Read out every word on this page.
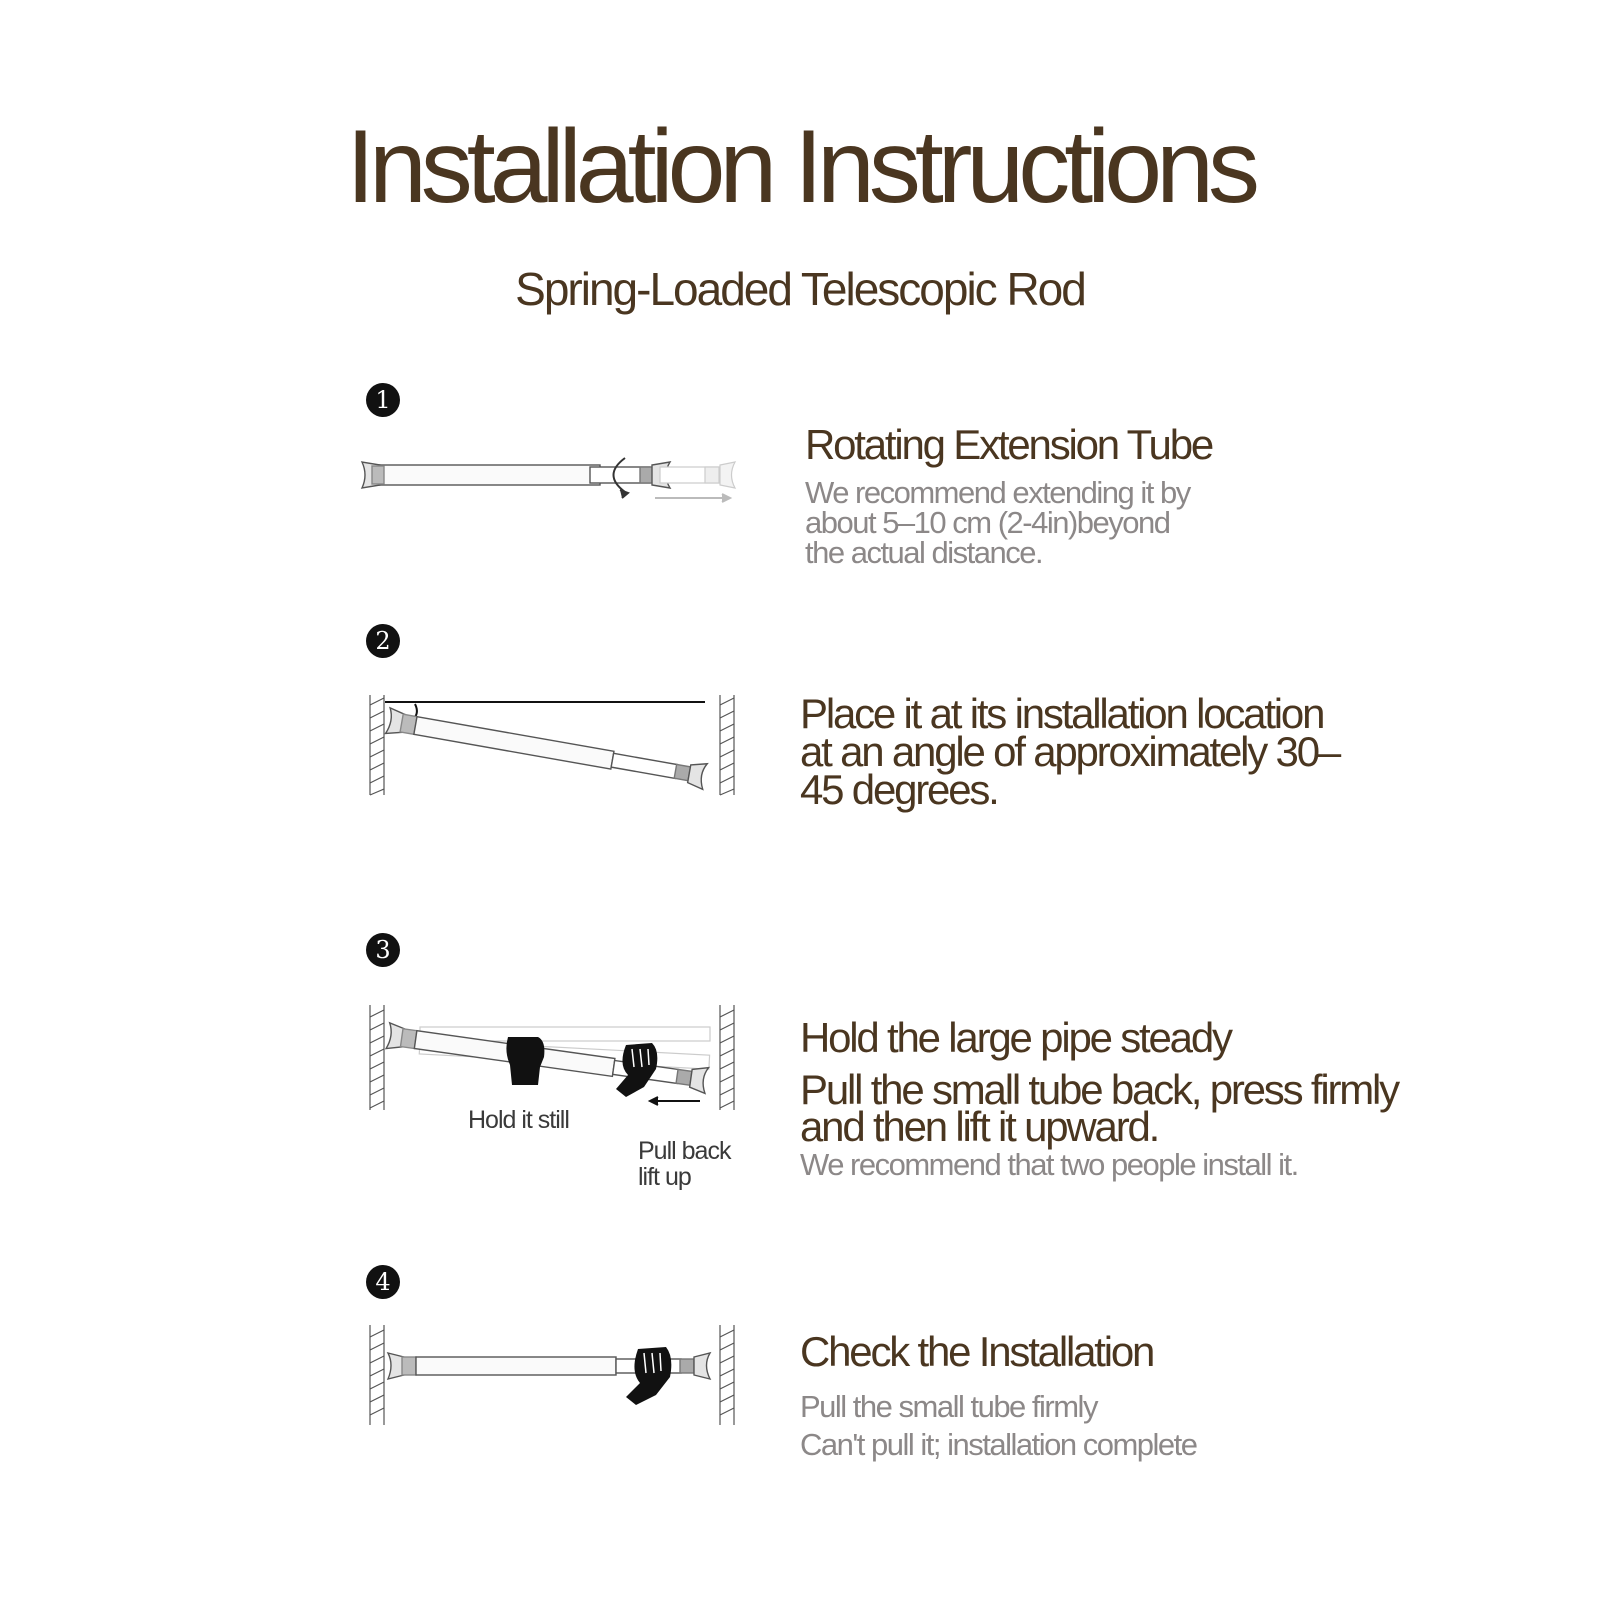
Installation Instructions
Spring-Loaded Telescopic Rod
1
Rotating Extension Tube
We recommend extending it by
about 5–10 cm (2-4in)beyond
the actual distance.
2
Place it at its installation location
at an angle of approximately 30–
45 degrees.
3
Hold it still
Pull back
lift up
Hold the large pipe steady
Pull the small tube back, press firmly
and then lift it upward.
We recommend that two people install it.
4
Check the Installation
Pull the small tube firmly
Can't pull it; installation complete
